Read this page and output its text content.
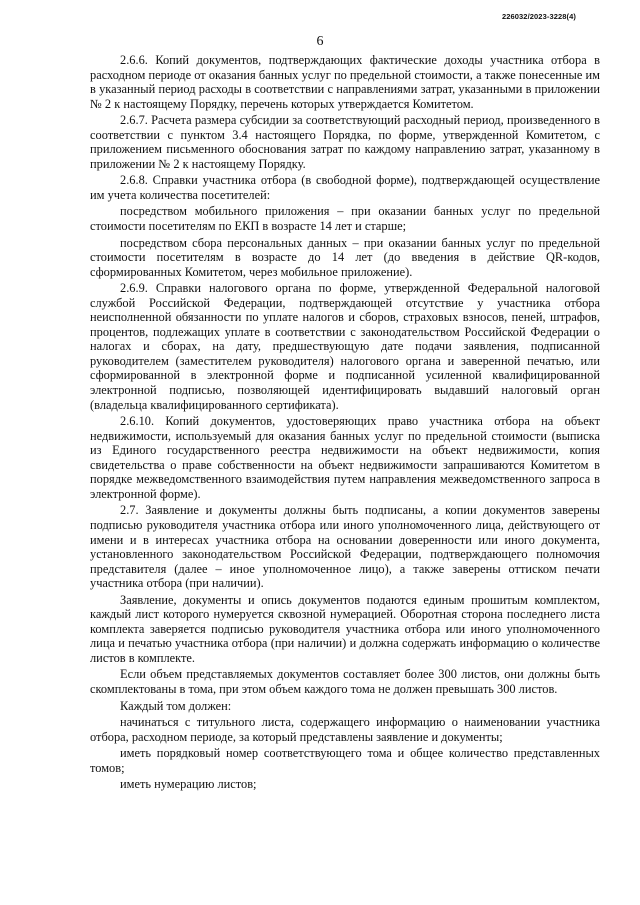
226032/2023-3228(4)
6

2.6.6. Копий документов, подтверждающих фактические доходы участника отбора в расходном периоде от оказания банных услуг по предельной стоимости, а также понесенные им в указанный период расходы в соответствии с направлениями затрат, указанными в приложении № 2 к настоящему Порядку, перечень которых утверждается Комитетом.

2.6.7. Расчета размера субсидии за соответствующий расходный период, произведенного в соответствии с пунктом 3.4 настоящего Порядка, по форме, утвержденной Комитетом, с приложением письменного обоснования затрат по каждому направлению затрат, указанному в приложении № 2 к настоящему Порядку.

2.6.8. Справки участника отбора (в свободной форме), подтверждающей осуществление им учета количества посетителей:

посредством мобильного приложения – при оказании банных услуг по предельной стоимости посетителям по ЕКП в возрасте 14 лет и старше;

посредством сбора персональных данных – при оказании банных услуг по предельной стоимости посетителям в возрасте до 14 лет (до введения в действие QR-кодов, сформированных Комитетом, через мобильное приложение).

2.6.9. Справки налогового органа по форме, утвержденной Федеральной налоговой службой Российской Федерации, подтверждающей отсутствие у участника отбора неисполненной обязанности по уплате налогов и сборов, страховых взносов, пеней, штрафов, процентов, подлежащих уплате в соответствии с законодательством Российской Федерации о налогах и сборах, на дату, предшествующую дате подачи заявления, подписанной руководителем (заместителем руководителя) налогового органа и заверенной печатью, или сформированной в электронной форме и подписанной усиленной квалифицированной электронной подписью, позволяющей идентифицировать выдавший налоговый орган (владельца квалифицированного сертификата).

2.6.10. Копий документов, удостоверяющих право участника отбора на объект недвижимости, используемый для оказания банных услуг по предельной стоимости (выписка из Единого государственного реестра недвижимости на объект недвижимости, копия свидетельства о праве собственности на объект недвижимости запрашиваются Комитетом в порядке межведомственного взаимодействия путем направления межведомственного запроса в электронной форме).

2.7. Заявление и документы должны быть подписаны, а копии документов заверены подписью руководителя участника отбора или иного уполномоченного лица, действующего от имени и в интересах участника отбора на основании доверенности или иного документа, установленного законодательством Российской Федерации, подтверждающего полномочия представителя (далее – иное уполномоченное лицо), а также заверены оттиском печати участника отбора (при наличии).

Заявление, документы и опись документов подаются единым прошитым комплектом, каждый лист которого нумеруется сквозной нумерацией. Оборотная сторона последнего листа комплекта заверяется подписью руководителя участника отбора или иного уполномоченного лица и печатью участника отбора (при наличии) и должна содержать информацию о количестве листов в комплекте.

Если объем представляемых документов составляет более 300 листов, они должны быть скомплектованы в тома, при этом объем каждого тома не должен превышать 300 листов.

Каждый том должен:

начинаться с титульного листа, содержащего информацию о наименовании участника отбора, расходном периоде, за который представлены заявление и документы;

иметь порядковый номер соответствующего тома и общее количество представленных томов;

иметь нумерацию листов;
